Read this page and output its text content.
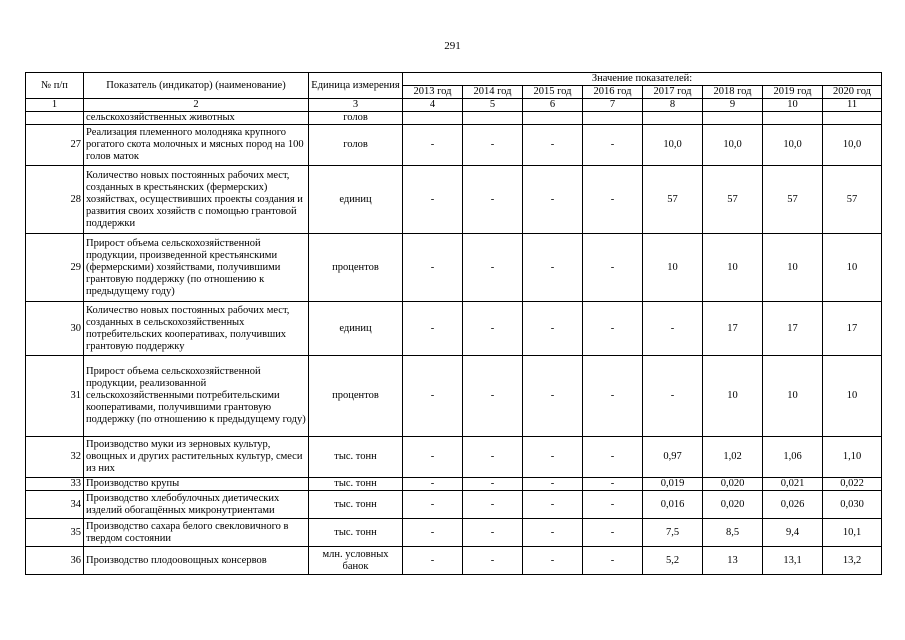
291
№ п/п	Показатель (индикатор) (наименование)	Единица измерения	Значение показателей:							
			2013 год	2014 год	2015 год	2016 год	2017 год	2018 год	2019 год	2020 год
1	2	3	4	5	6	7	8	9	10	11
	сельскохозяйственных животных	голов								
27	Реализация племенного молодняка крупного рогатого скота молочных и мясных пород на 100 голов маток	голов	-	-	-	-	10,0	10,0	10,0	10,0
28	Количество новых постоянных рабочих мест, созданных в крестьянских (фермерских) хозяйствах, осуществивших проекты создания и развития своих хозяйств с помощью грантовой поддержки	единиц	-	-	-	-	57	57	57	57
29	Прирост объема сельскохозяйственной продукции, произведенной крестьянскими (фермерскими) хозяйствами, получившими грантовую поддержку (по отношению к предыдущему году)	процентов	-	-	-	-	10	10	10	10
30	Количество новых постоянных рабочих мест, созданных в сельскохозяйственных потребительских кооперативах, получивших грантовую поддержку	единиц	-	-	-	-	-	17	17	17
31	Прирост объема сельскохозяйственной продукции, реализованной сельскохозяйственными потребительскими кооперативами, получившими грантовую поддержку (по отношению к предыдущему году)	процентов	-	-	-	-	-	10	10	10
32	Производство муки из зерновых культур, овощных и других растительных культур, смеси из них	тыс. тонн	-	-	-	-	0,97	1,02	1,06	1,10
33	Производство крупы	тыс. тонн	-	-	-	-	0,019	0,020	0,021	0,022
34	Производство хлебобулочных диетических изделий обогащённых микронутриентами	тыс. тонн	-	-	-	-	0,016	0,020	0,026	0,030
35	Производство сахара белого свекловичного в твердом состоянии	тыс. тонн	-	-	-	-	7,5	8,5	9,4	10,1
36	Производство плодоовощных консервов	млн. условных банок	-	-	-	-	5,2	13	13,1	13,2
